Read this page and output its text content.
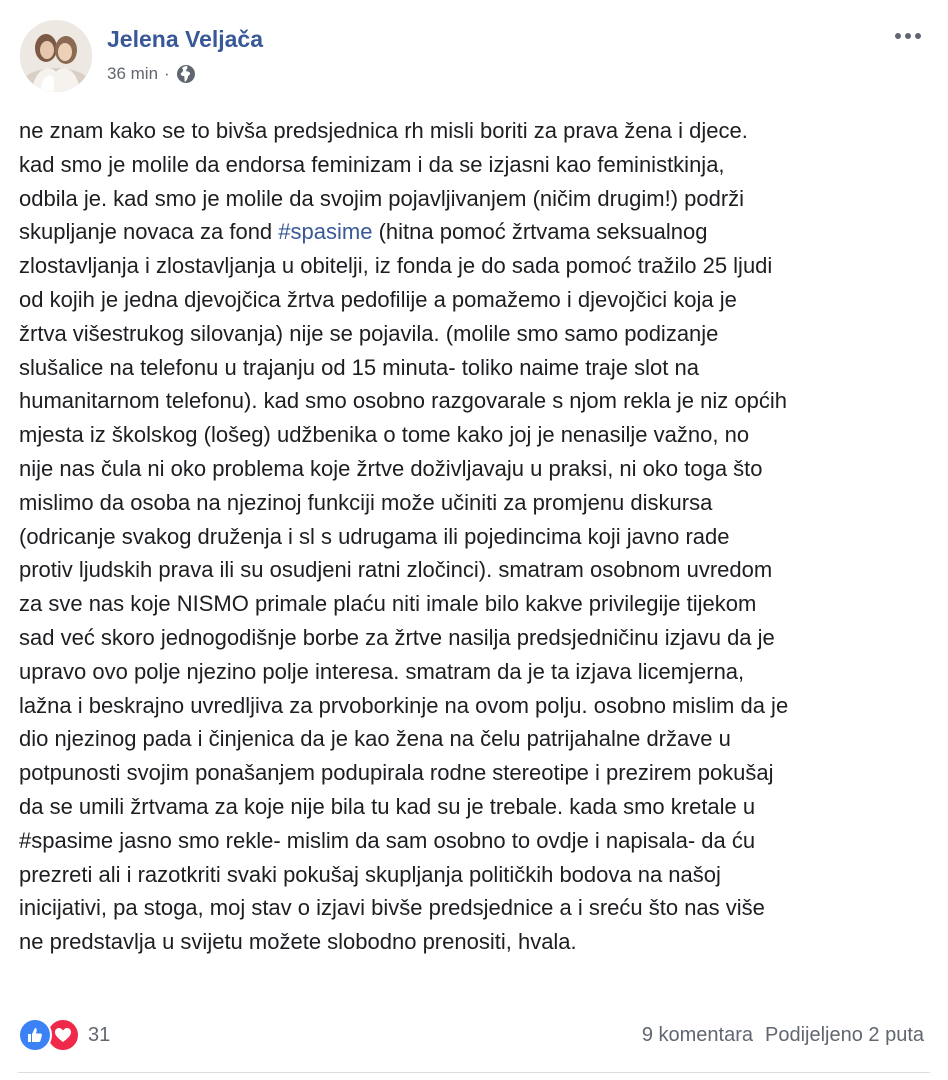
Jelena Veljača
36 min ·
ne znam kako se to bivša predsjednica rh misli boriti za prava žena i djece.
kad smo je molile da endorsa feminizam i da se izjasni kao feministkinja,
odbila je. kad smo je molile da svojim pojavljivanjem (ničim drugim!) podrži
skupljanje novaca za fond #spasime (hitna pomoć žrtvama seksualnog
zlostavljanja i zlostavljanja u obitelji, iz fonda je do sada pomoć tražilo 25 ljudi
od kojih je jedna djevojčica žrtva pedofilije a pomažemo i djevojčici koja je
žrtva višestrukog silovanja) nije se pojavila. (molile smo samo podizanje
slušalice na telefonu u trajanju od 15 minuta- toliko naime traje slot na
humanitarnom telefonu). kad smo osobno razgovarale s njom rekla je niz općih
mjesta iz školskog (lošeg) udžbenika o tome kako joj je nenasilje važno, no
nije nas čula ni oko problema koje žrtve doživljavaju u praksi, ni oko toga što
mislimo da osoba na njezinoj funkciji može učiniti za promjenu diskursa
(odricanje svakog druženja i sl s udrugama ili pojedincima koji javno rade
protiv ljudskih prava ili su osudjeni ratni zločinci). smatram osobnom uvredom
za sve nas koje NISMO primale plaću niti imale bilo kakve privilegije tijekom
sad već skoro jednogodišnje borbe za žrtve nasilja predsjedničinu izjavu da je
upravo ovo polje njezino polje interesa. smatram da je ta izjava licemjerna,
lažna i beskrajno uvredljiva za prvoborkinje na ovom polju. osobno mislim da je
dio njezinog pada i činjenica da je kao žena na čelu patrijahalne države u
potpunosti svojim ponašanjem podupirala rodne stereotipe i prezirem pokušaj
da se umili žrtvama za koje nije bila tu kad su je trebale. kada smo kretale u
#spasime jasno smo rekle- mislim da sam osobno to ovdje i napisala- da ću
prezreti ali i razotkriti svaki pokušaj skupljanja političkih bodova na našoj
inicijativi, pa stoga, moj stav o izjavi bivše predsjednice a i sreću što nas više
ne predstavlja u svijetu možete slobodno prenositi, hvala.
31	9 komentara Podijeljeno 2 puta
